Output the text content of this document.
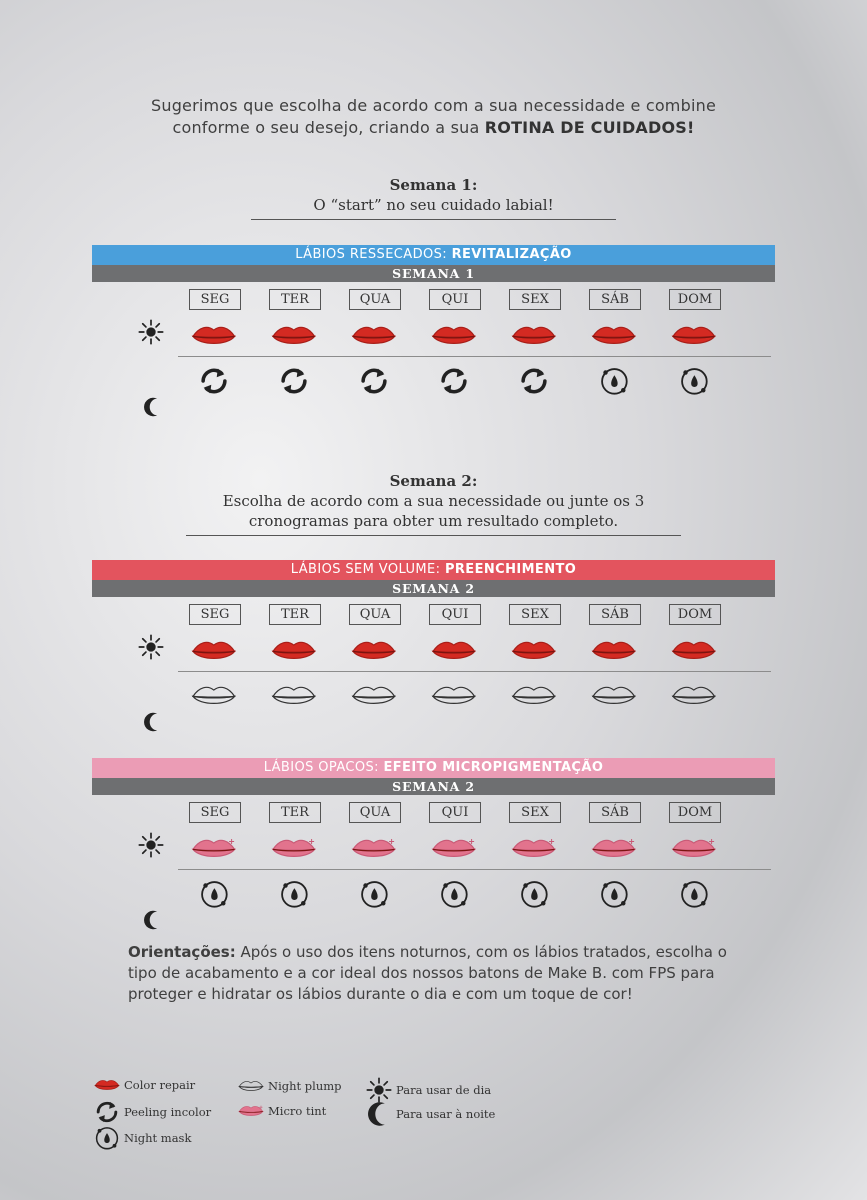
Sugerimos que escolha de acordo com a sua necessidade e combine
conforme o seu desejo, criando a sua ROTINA DE CUIDADOS!
Semana 1:
O “start” no seu cuidado labial!
Semana 2:
Escolha de acordo com a sua necessidade ou junte os 3
cronogramas para obter um resultado completo.
LÁBIOS RESSECADOS: REVITALIZAÇÃO
SEMANA 1
SEG	TER	QUA	QUI	SEX	SÁB	DOM
LÁBIOS SEM VOLUME: PREENCHIMENTO
SEMANA 2
SEG	TER	QUA	QUI	SEX	SÁB	DOM
LÁBIOS OPACOS: EFEITO MICROPIGMENTAÇÃO
SEMANA 2
SEG	TER	QUA	QUI	SEX	SÁB	DOM
Orientações: Após o uso dos itens noturnos, com os lábios tratados, escolha o tipo de acabamento e a cor ideal dos nossos batons de Make B. com FPS para proteger e hidratar os lábios durante o dia e com um toque de cor!
Color repair
Peeling incolor
Night mask
Night plump
Micro tint
Para usar de dia
Para usar à noite
